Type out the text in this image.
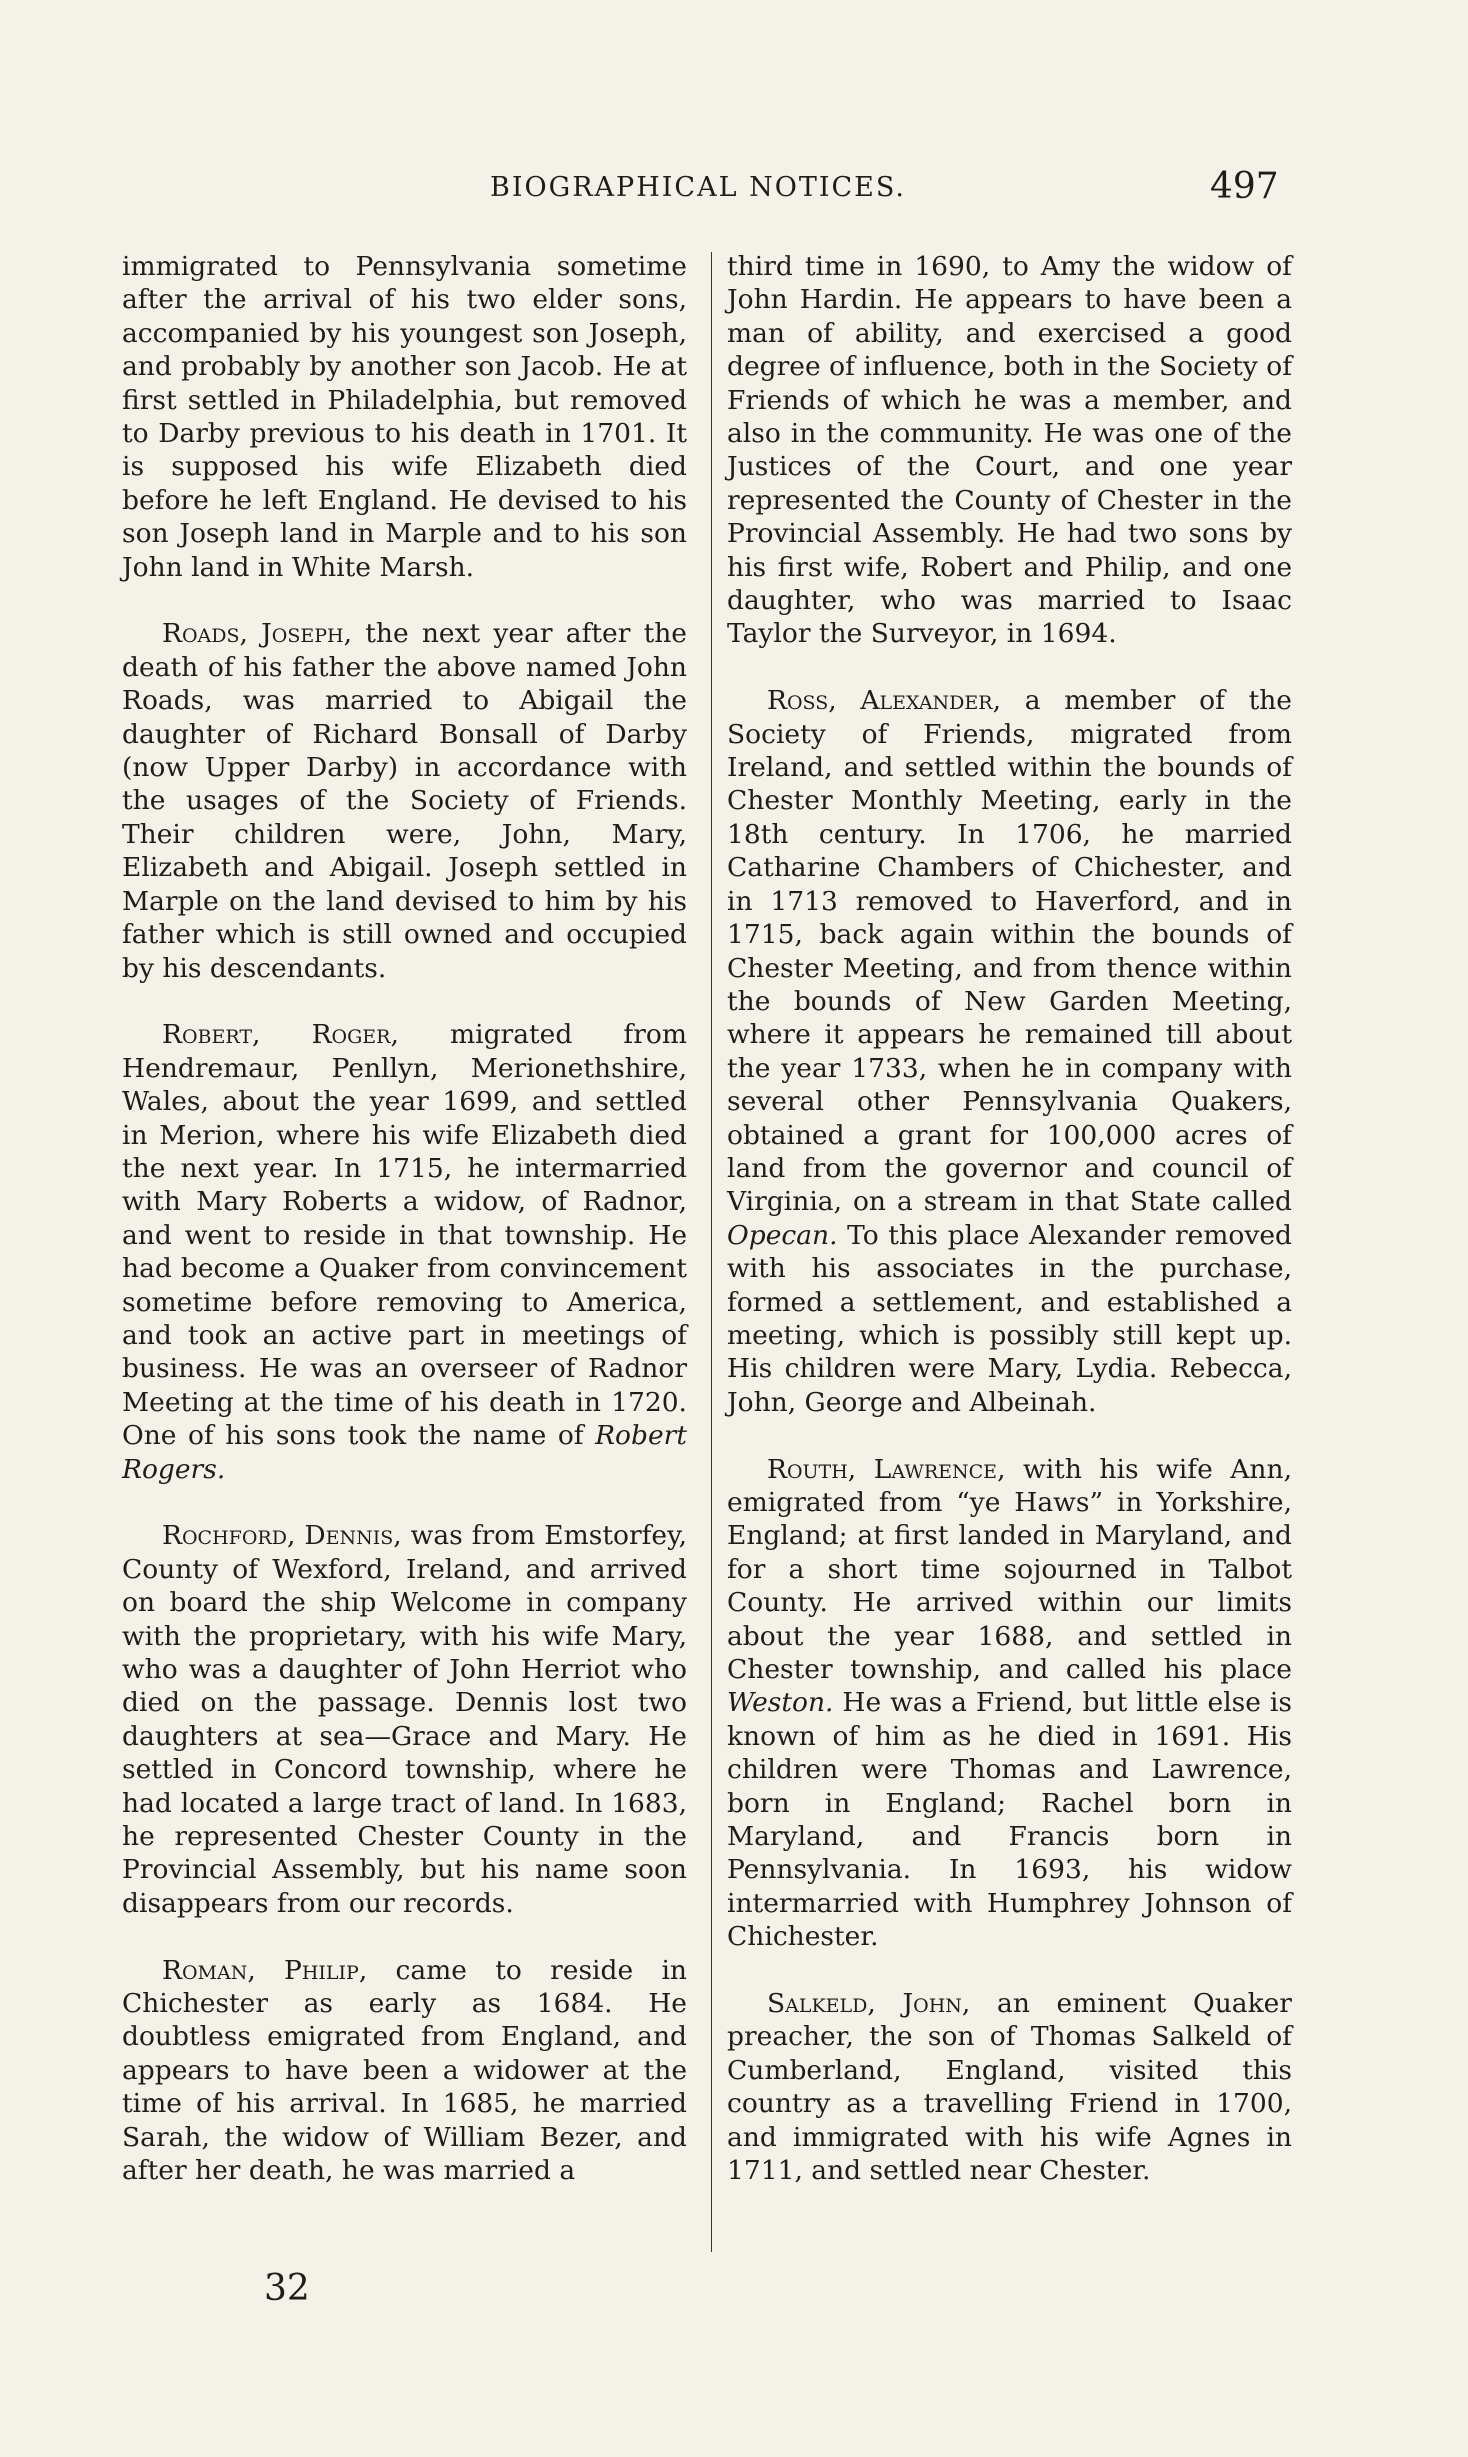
BIOGRAPHICAL NOTICES.	497

immigrated to Pennsylvania sometime after the arrival of his two elder sons, accompanied by his youngest son Joseph, and probably by another son Jacob. He at first settled in Philadelphia, but removed to Darby previous to his death in 1701. It is supposed his wife Elizabeth died before he left England. He devised to his son Joseph land in Marple and to his son John land in White Marsh.

Roads, Joseph, the next year after the death of his father the above named John Roads, was married to Abigail the daughter of Richard Bonsall of Darby (now Upper Darby) in accordance with the usages of the Society of Friends. Their children were, John, Mary, Elizabeth and Abigail. Joseph settled in Marple on the land devised to him by his father which is still owned and occupied by his descendants.

Robert, Roger, migrated from Hendremaur, Penllyn, Merionethshire, Wales, about the year 1699, and settled in Merion, where his wife Elizabeth died the next year. In 1715, he intermarried with Mary Roberts a widow, of Radnor, and went to reside in that township. He had become a Quaker from convincement sometime before removing to America, and took an active part in meetings of business. He was an overseer of Radnor Meeting at the time of his death in 1720. One of his sons took the name of Robert Rogers.

Rochford, Dennis, was from Emstorfey, County of Wexford, Ireland, and arrived on board the ship Welcome in company with the proprietary, with his wife Mary, who was a daughter of John Herriot who died on the passage. Dennis lost two daughters at sea—Grace and Mary. He settled in Concord township, where he had located a large tract of land. In 1683, he represented Chester County in the Provincial Assembly, but his name soon disappears from our records.

Roman, Philip, came to reside in Chichester as early as 1684. He doubtless emigrated from England, and appears to have been a widower at the time of his arrival. In 1685, he married Sarah, the widow of William Bezer, and after her death, he was married a

third time in 1690, to Amy the widow of John Hardin. He appears to have been a man of ability, and exercised a good degree of influence, both in the Society of Friends of which he was a member, and also in the community. He was one of the Justices of the Court, and one year represented the County of Chester in the Provincial Assembly. He had two sons by his first wife, Robert and Philip, and one daughter, who was married to Isaac Taylor the Surveyor, in 1694.

Ross, Alexander, a member of the Society of Friends, migrated from Ireland, and settled within the bounds of Chester Monthly Meeting, early in the 18th century. In 1706, he married Catharine Chambers of Chichester, and in 1713 removed to Haverford, and in 1715, back again within the bounds of Chester Meeting, and from thence within the bounds of New Garden Meeting, where it appears he remained till about the year 1733, when he in company with several other Pennsylvania Quakers, obtained a grant for 100,000 acres of land from the governor and council of Virginia, on a stream in that State called Opecan. To this place Alexander removed with his associates in the purchase, formed a settlement, and established a meeting, which is possibly still kept up. His children were Mary, Lydia. Rebecca, John, George and Albeinah.

Routh, Lawrence, with his wife Ann, emigrated from “ye Haws” in Yorkshire, England; at first landed in Maryland, and for a short time sojourned in Talbot County. He arrived within our limits about the year 1688, and settled in Chester township, and called his place Weston. He was a Friend, but little else is known of him as he died in 1691. His children were Thomas and Lawrence, born in England; Rachel born in Maryland, and Francis born in Pennsylvania. In 1693, his widow intermarried with Humphrey Johnson of Chichester.

Salkeld, John, an eminent Quaker preacher, the son of Thomas Salkeld of Cumberland, England, visited this country as a travelling Friend in 1700, and immigrated with his wife Agnes in 1711, and settled near Chester.

32
